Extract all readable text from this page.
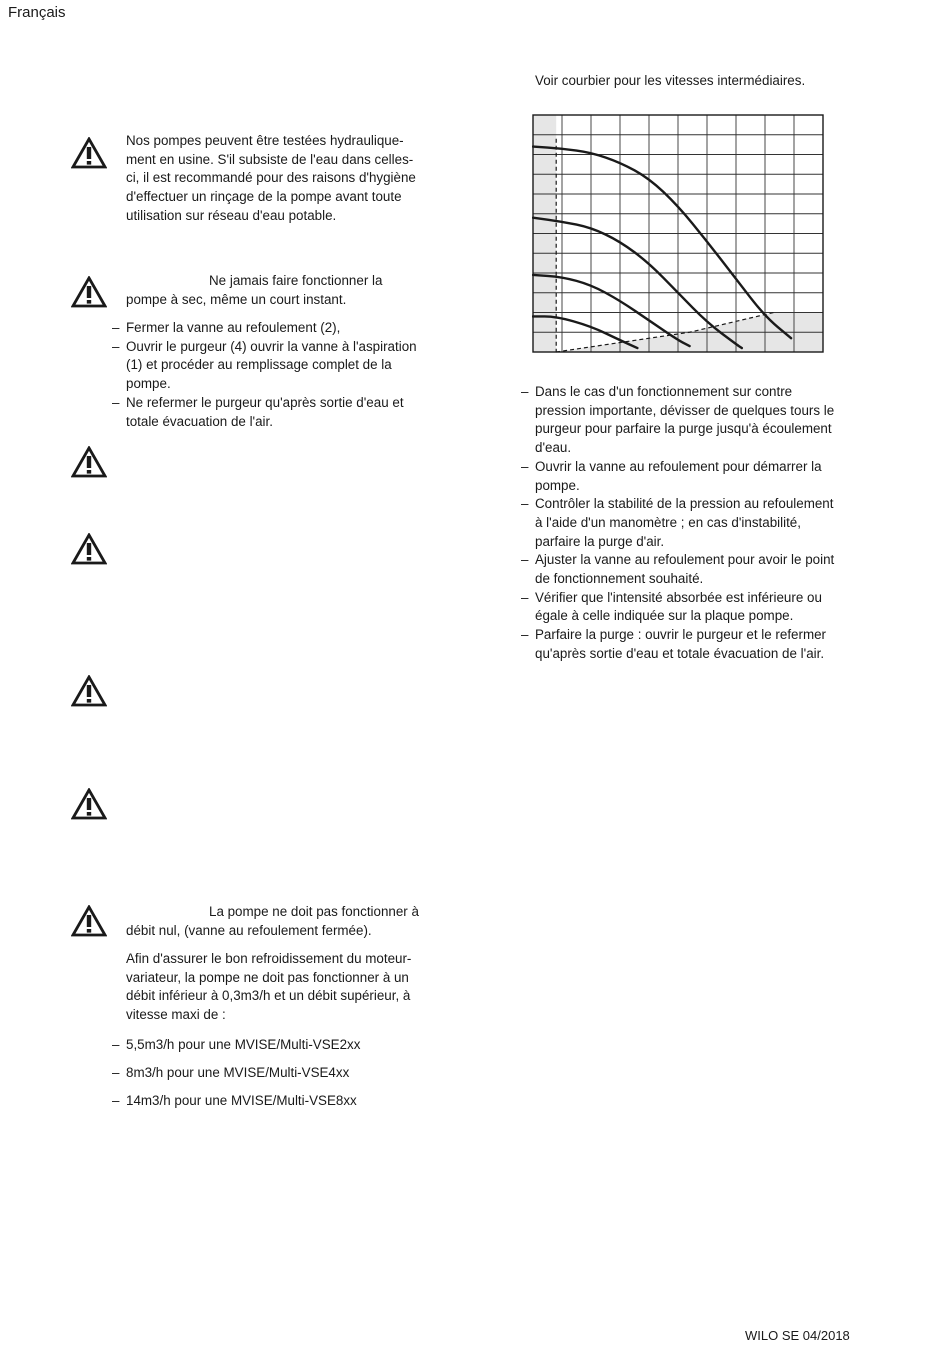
Français

Nos pompes peuvent être testées hydraulique-

ment en usine. S'il subsiste de l'eau dans celles-

ci, il est recommandé pour des raisons d'hygiène

d'effectuer un rinçage de la pompe avant toute

utilisation sur réseau d'eau potable.

Ne jamais faire fonctionner la

pompe à sec, même un court instant.

– Fermer la vanne au refoulement (2),
– Ouvrir le purgeur (4) ouvrir la vanne à l'aspiration (1) et procéder au remplissage complet de la pompe.
– Ne refermer le purgeur qu'après sortie d'eau et totale évacuation de l'air.

La pompe ne doit pas fonctionner à

débit nul, (vanne au refoulement fermée).

Afin d'assurer le bon refroidissement du moteur-variateur, la pompe ne doit pas fonctionner à un débit inférieur à 0,3m3/h et un débit supérieur, à vitesse maxi de :

– 5,5m3/h pour une MVISE/Multi-VSE2xx
– 8m3/h pour une MVISE/Multi-VSE4xx
– 14m3/h pour une MVISE/Multi-VSE8xx
Voir courbier pour les vitesses intermédiaires.
– Dans le cas d'un fonctionnement sur contre pression importante, dévisser de quelques tours le purgeur pour parfaire la purge jusqu'à écoulement d'eau.
– Ouvrir la vanne au refoulement pour démarrer la pompe.
– Contrôler la stabilité de la pression au refoulement à l'aide d'un manomètre ; en cas d'instabilité, parfaire la purge d'air.
– Ajuster la vanne au refoulement pour avoir le point de fonctionnement souhaité.
– Vérifier que l'intensité absorbée est inférieure ou égale à celle indiquée sur la plaque pompe.
– Parfaire la purge : ouvrir le purgeur et le refermer qu'après sortie d'eau et totale évacuation de l'air.
WILO SE 04/2018
